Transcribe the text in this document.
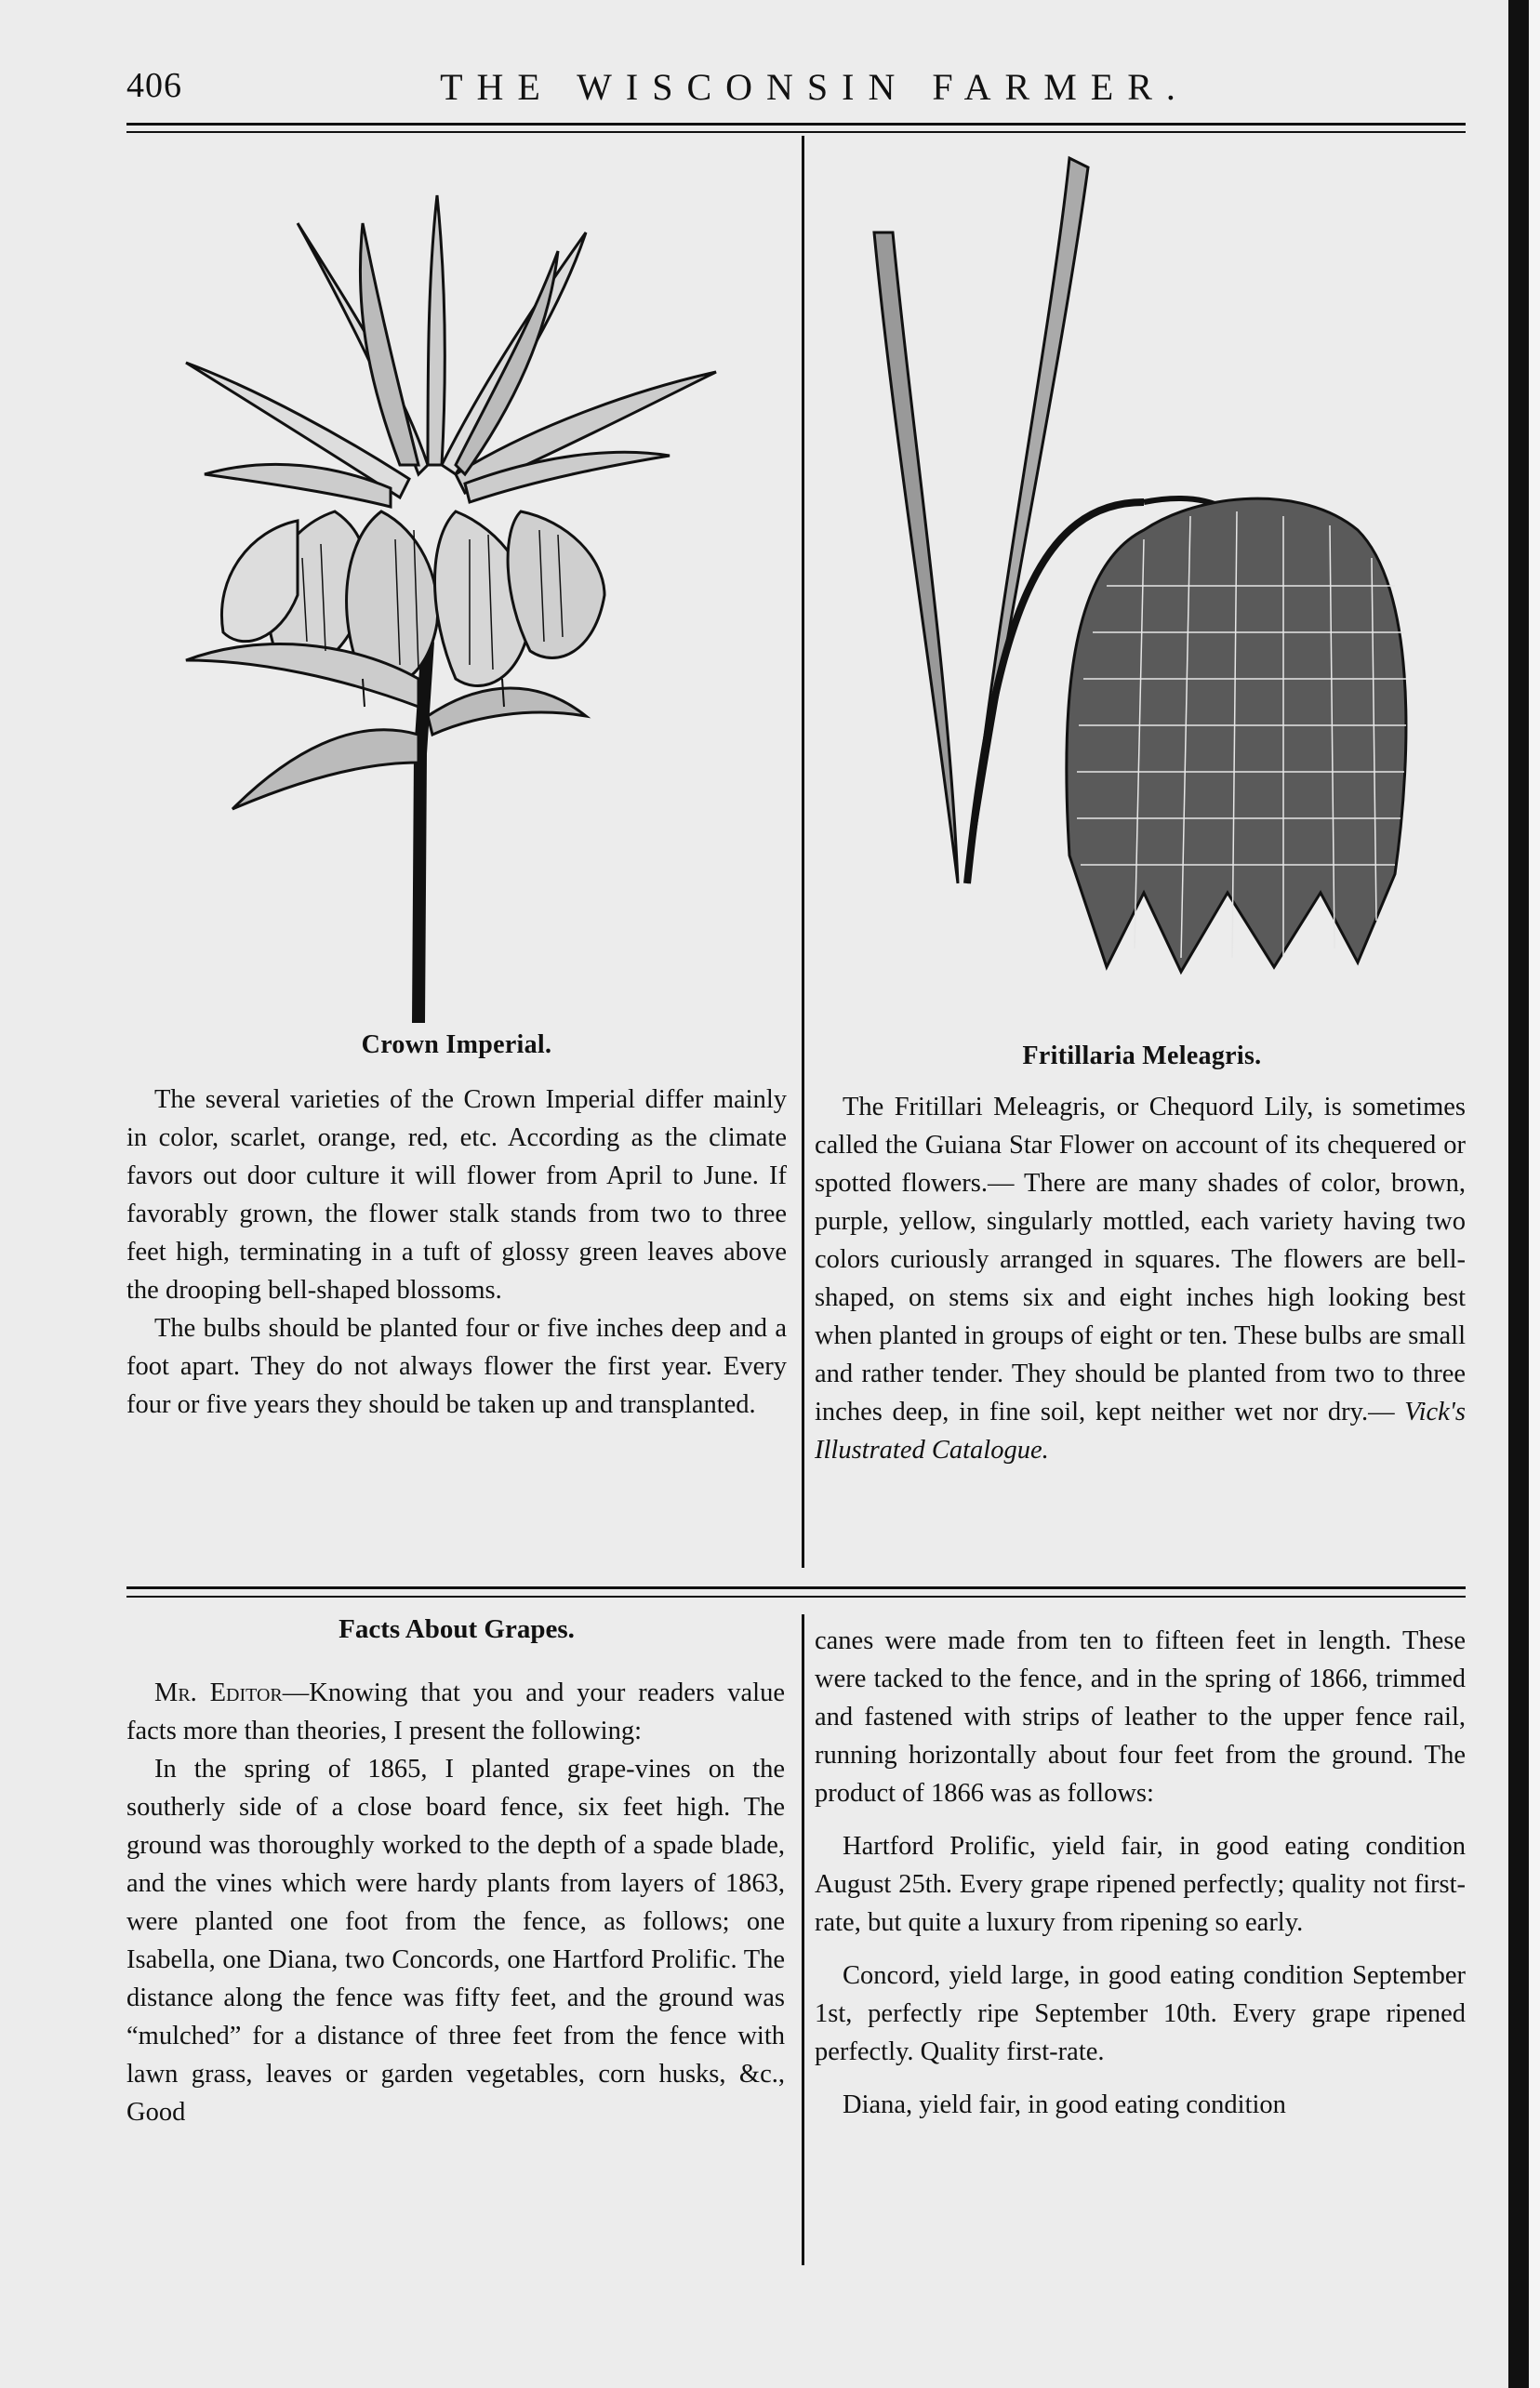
406	THE WISCONSIN FARMER.
Crown Imperial.	Fritillaria Meleagris.

The several varieties of the Crown Imperial differ mainly in color, scarlet, orange, red, etc. According as the climate favors out door culture it will flower from April to June. If favorably grown, the flower stalk stands from two to three feet high, terminating in a tuft of glossy green leaves above the drooping bell-shaped blossoms.

The bulbs should be planted four or five inches deep and a foot apart. They do not always flower the first year. Every four or five years they should be taken up and transplanted.

The Fritillari Meleagris, or Chequord Lily, is sometimes called the Guiana Star Flower on account of its chequered or spotted flowers.— There are many shades of color, brown, purple, yellow, singularly mottled, each variety having two colors curiously arranged in squares. The flowers are bell-shaped, on stems six and eight inches high looking best when planted in groups of eight or ten. These bulbs are small and rather tender. They should be planted from two to three inches deep, in fine soil, kept neither wet nor dry.— Vick's Illustrated Catalogue.

Facts About Grapes.

Mr. Editor—Knowing that you and your readers value facts more than theories, I present the following:

In the spring of 1865, I planted grape-vines on the southerly side of a close board fence, six feet high. The ground was thoroughly worked to the depth of a spade blade, and the vines which were hardy plants from layers of 1863, were planted one foot from the fence, as follows; one Isabella, one Diana, two Concords, one Hartford Prolific. The distance along the fence was fifty feet, and the ground was “mulched” for a distance of three feet from the fence with lawn grass, leaves or garden vegetables, corn husks, &c., Good

canes were made from ten to fifteen feet in length. These were tacked to the fence, and in the spring of 1866, trimmed and fastened with strips of leather to the upper fence rail, running horizontally about four feet from the ground. The product of 1866 was as follows:

Hartford Prolific, yield fair, in good eating condition August 25th. Every grape ripened perfectly; quality not first-rate, but quite a luxury from ripening so early.

Concord, yield large, in good eating condition September 1st, perfectly ripe September 10th. Every grape ripened perfectly. Quality first-rate.

Diana, yield fair, in good eating condition
